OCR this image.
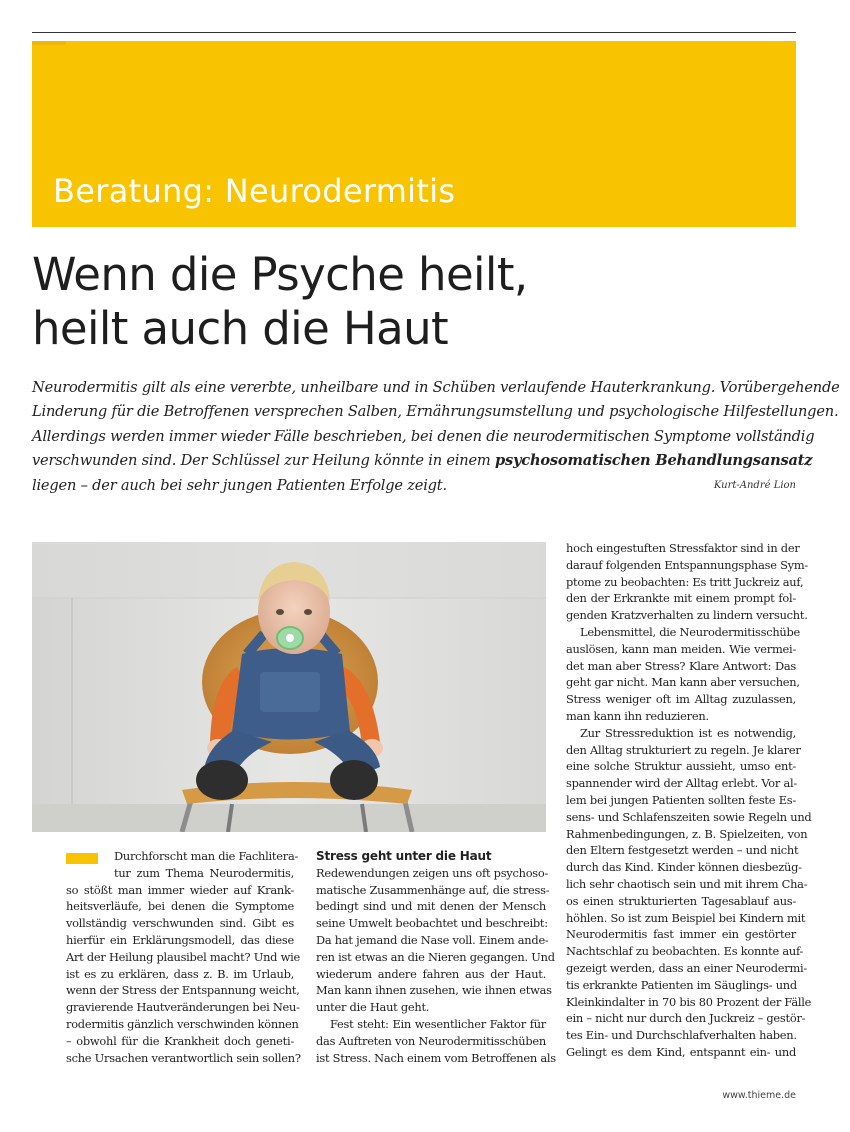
Beratung: Neurodermitis
Wenn die Psyche heilt,
heilt auch die Haut
Neurodermitis gilt als eine vererbte, unheilbare und in Schüben verlaufende Hauterkrankung. Vorübergehende
Linderung für die Betroffenen versprechen Salben, Ernährungsumstellung und psychologische Hilfestellungen.
Allerdings werden immer wieder Fälle beschrieben, bei denen die neurodermitischen Symptome vollständig
verschwunden sind. Der Schlüssel zur Heilung könnte in einem psychosomatischen Behandlungsansatz
liegen – der auch bei sehr jungen Patienten Erfolge zeigt.	Kurt-André Lion
Durchforscht man die Fachlitera-
tur zum Thema Neurodermitis,
so stößt man immer wieder auf Krank-
heitsverläufe, bei denen die Symptome
vollständig verschwunden sind. Gibt es
hierfür ein Erklärungsmodell, das diese
Art der Heilung plausibel macht? Und wie
ist es zu erklären, dass z. B. im Urlaub,
wenn der Stress der Entspannung weicht,
gravierende Hautveränderungen bei Neu-
rodermitis gänzlich verschwinden können
– obwohl für die Krankheit doch geneti-
sche Ursachen verantwortlich sein sollen?
Stress geht unter die Haut
Redewendungen zeigen uns oft psychoso-
matische Zusammenhänge auf, die stress-
bedingt sind und mit denen der Mensch
seine Umwelt beobachtet und beschreibt:
Da hat jemand die Nase voll. Einem ande-
ren ist etwas an die Nieren gegangen. Und
wiederum andere fahren aus der Haut.
Man kann ihnen zusehen, wie ihnen etwas
unter die Haut geht.
Fest steht: Ein wesentlicher Faktor für
das Auftreten von Neurodermitisschüben
ist Stress. Nach einem vom Betroffenen als
hoch eingestuften Stressfaktor sind in der
darauf folgenden Entspannungsphase Sym-
ptome zu beobachten: Es tritt Juckreiz auf,
den der Erkrankte mit einem prompt fol-
genden Kratzverhalten zu lindern versucht.
Lebensmittel, die Neurodermitisschübe
auslösen, kann man meiden. Wie vermei-
det man aber Stress? Klare Antwort: Das
geht gar nicht. Man kann aber versuchen,
Stress weniger oft im Alltag zuzulassen,
man kann ihn reduzieren.
Zur Stressreduktion ist es notwendig,
den Alltag strukturiert zu regeln. Je klarer
eine solche Struktur aussieht, umso ent-
spannender wird der Alltag erlebt. Vor al-
lem bei jungen Patienten sollten feste Es-
sens- und Schlafenszeiten sowie Regeln und
Rahmenbedingungen, z. B. Spielzeiten, von
den Eltern festgesetzt werden – und nicht
durch das Kind. Kinder können diesbezüg-
lich sehr chaotisch sein und mit ihrem Cha-
os einen strukturierten Tagesablauf aus-
höhlen. So ist zum Beispiel bei Kindern mit
Neurodermitis fast immer ein gestörter
Nachtschlaf zu beobachten. Es konnte auf-
gezeigt werden, dass an einer Neurodermi-
tis erkrankte Patienten im Säuglings- und
Kleinkindalter in 70 bis 80 Prozent der Fälle
ein – nicht nur durch den Juckreiz – gestör-
tes Ein- und Durchschlafverhalten haben.
Gelingt es dem Kind, entspannt ein- und
www.thieme.de
